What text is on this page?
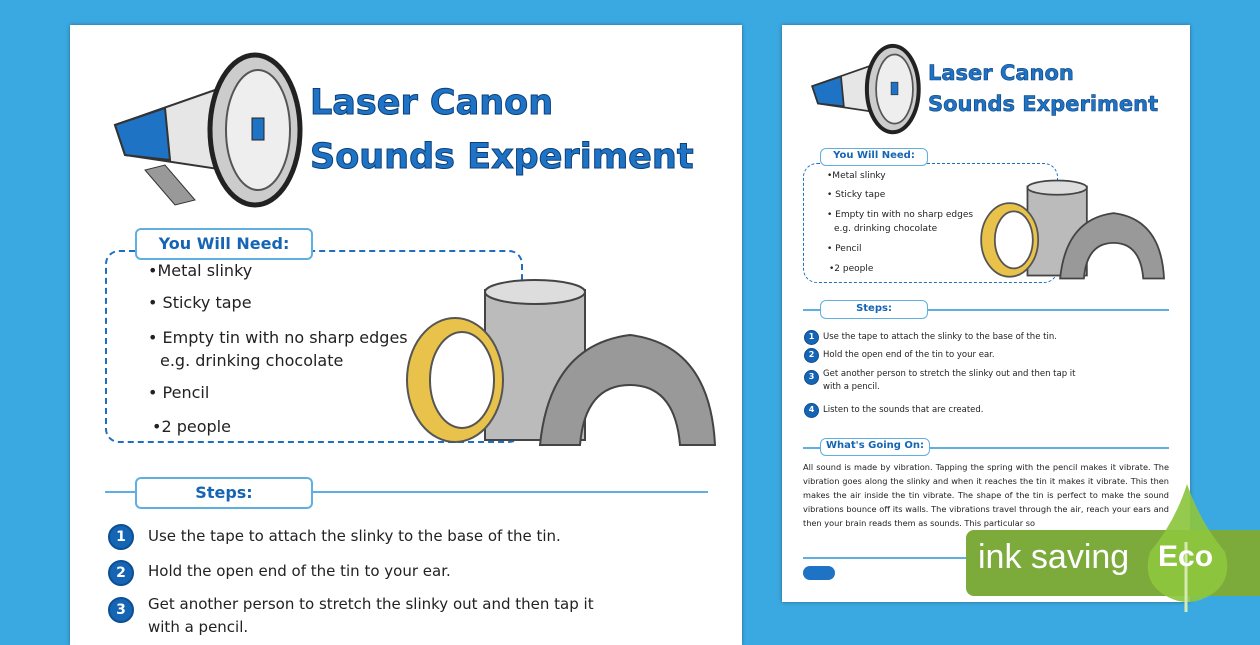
Laser Canon
Sounds Experiment
You Will Need:
•Metal slinky
• Sticky tape
• Empty tin with no sharp edges
e.g. drinking chocolate
• Pencil
•2 people
Steps:
1	Use the tape to attach the slinky to the base of the tin.
2	Hold the open end of the tin to your ear.
3	Get another person to stretch the slinky out and then tap it
with a pencil.
Laser Canon
Sounds Experiment
You Will Need:
•Metal slinky
• Sticky tape
• Empty tin with no sharp edges
e.g. drinking chocolate
• Pencil
•2 people
Steps:
1	Use the tape to attach the slinky to the base of the tin.
2	Hold the open end of the tin to your ear.
3	Get another person to stretch the slinky out and then tap it
with a pencil.
4	Listen to the sounds that are created.
What's Going On:
All sound is made by vibration. Tapping the spring with the pencil makes it vibrate. The vibration goes along the slinky and when it reaches the tin it makes it vibrate. This then makes the air inside the tin vibrate. The shape of the tin is perfect to make the sound vibrations bounce off its walls. The vibrations travel through the air, reach your ears and then your brain reads them as sounds. This particular so
ink saving Eco
